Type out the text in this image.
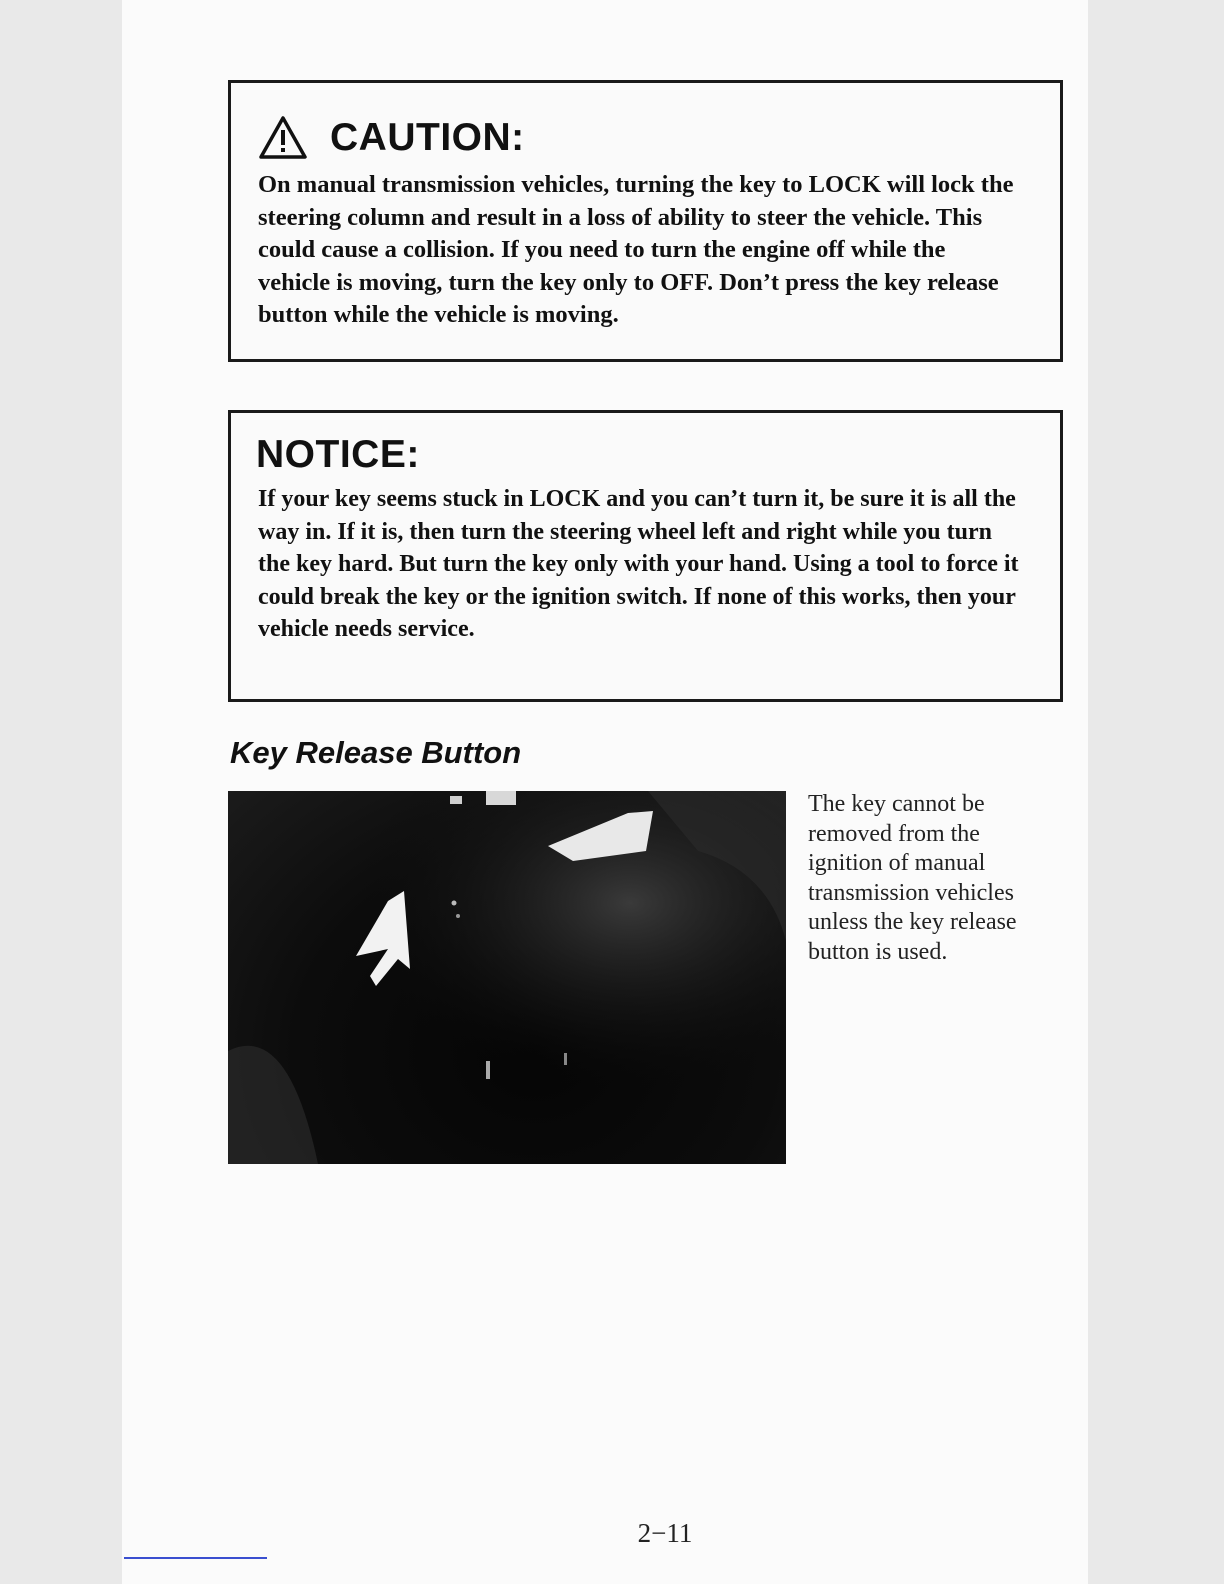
CAUTION:
On manual transmission vehicles, turning the key to LOCK will lock the steering column and result in a loss of ability to steer the vehicle. This could cause a collision. If you need to turn the engine off while the vehicle is moving, turn the key only to OFF. Don’t press the key release button while the vehicle is moving.
NOTICE:
If your key seems stuck in LOCK and you can’t turn it, be sure it is all the way in. If it is, then turn the steering wheel left and right while you turn the key hard. But turn the key only with your hand. Using a tool to force it could break the key or the ignition switch. If none of this works, then your vehicle needs service.
Key Release Button
The key cannot be removed from the ignition of manual transmission vehicles unless the key release button is used.
2−11
